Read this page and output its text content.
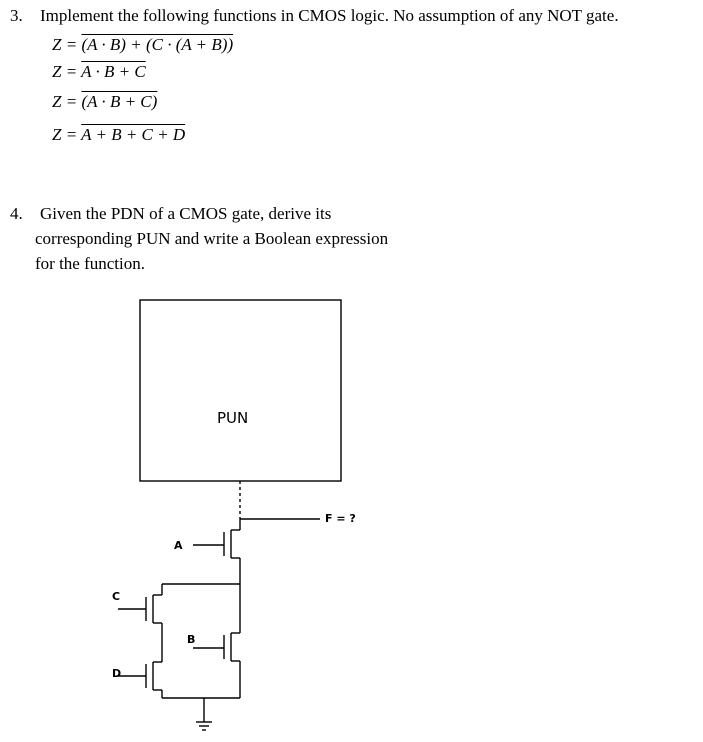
3. Implement the following functions in CMOS logic. No assumption of any NOT gate.
Z = (A · B) + (C · (A + B))
Z = A · B + C
Z = (A · B + C)
Z = A + B + C + D
4. Given the PDN of a CMOS gate, derive its
corresponding PUN and write a Boolean expression
for the function.
PUN
F = ?
A
B
C
D
